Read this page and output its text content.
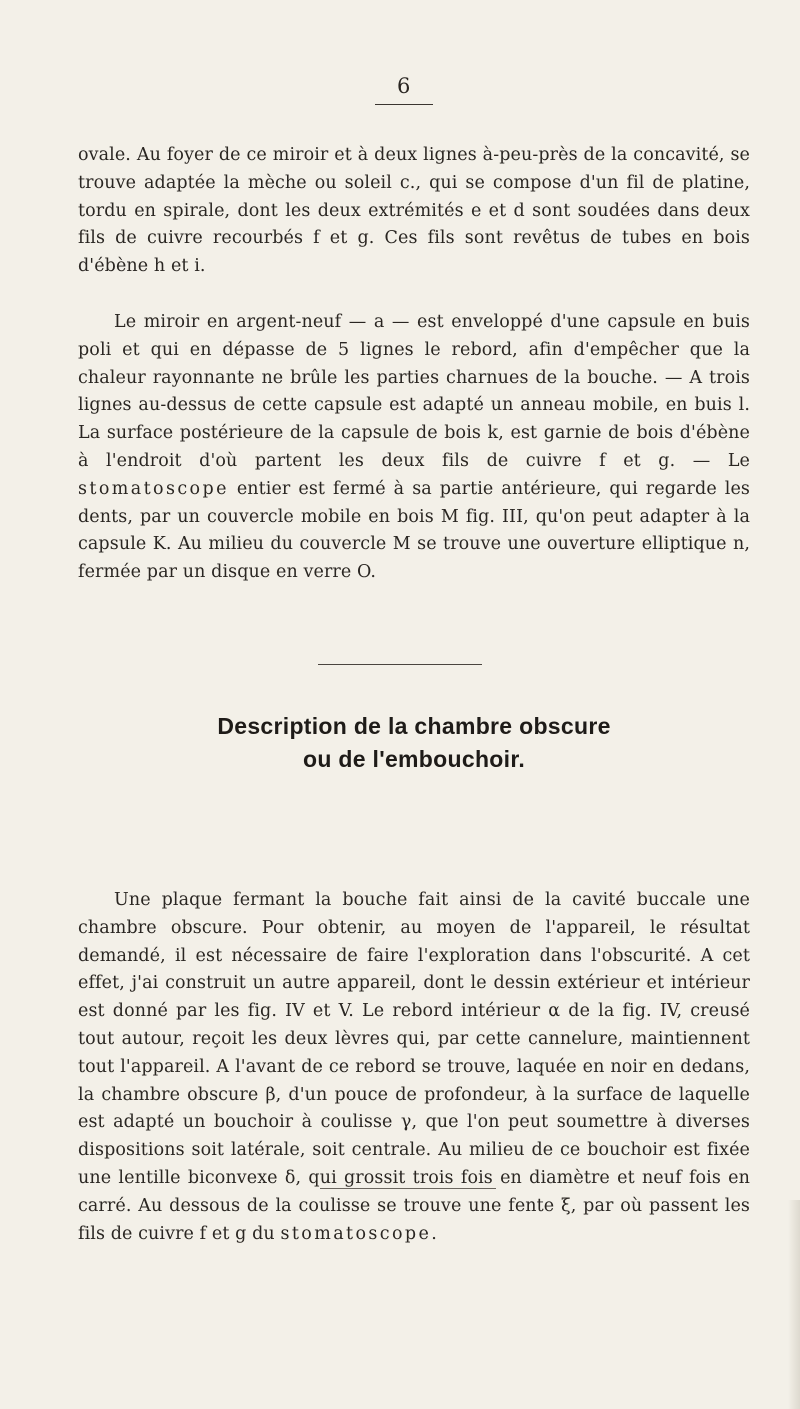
6

ovale. Au foyer de ce miroir et à deux lignes à-peu-près de la concavité, se trouve adaptée la mèche ou soleil c., qui se compose d'un fil de platine, tordu en spirale, dont les deux extrémités e et d sont soudées dans deux fils de cuivre recourbés f et g. Ces fils sont revêtus de tubes en bois d'ébène h et i.

Le miroir en argent-neuf — a — est enveloppé d'une capsule en buis poli et qui en dépasse de 5 lignes le rebord, afin d'empêcher que la chaleur rayonnante ne brûle les parties charnues de la bouche. — A trois lignes au-dessus de cette capsule est adapté un anneau mobile, en buis l. La surface postérieure de la capsule de bois k, est garnie de bois d'ébène à l'endroit d'où partent les deux fils de cuivre f et g. — Le stomatoscope entier est fermé à sa partie antérieure, qui regarde les dents, par un couvercle mobile en bois M fig. III, qu'on peut adapter à la capsule K. Au milieu du couvercle M se trouve une ouverture elliptique n, fermée par un disque en verre O.

Description de la chambre obscure
ou de l'embouchoir.

Une plaque fermant la bouche fait ainsi de la cavité buccale une chambre obscure. Pour obtenir, au moyen de l'appareil, le résultat demandé, il est nécessaire de faire l'exploration dans l'obscurité. A cet effet, j'ai construit un autre appareil, dont le dessin extérieur et intérieur est donné par les fig. IV et V. Le rebord intérieur α de la fig. IV, creusé tout autour, reçoit les deux lèvres qui, par cette cannelure, maintiennent tout l'appareil. A l'avant de ce rebord se trouve, laquée en noir en dedans, la chambre obscure β, d'un pouce de profondeur, à la surface de laquelle est adapté un bouchoir à coulisse γ, que l'on peut soumettre à diverses dispositions soit latérale, soit centrale. Au milieu de ce bouchoir est fixée une lentille biconvexe δ, qui grossit trois fois en diamètre et neuf fois en carré. Au dessous de la coulisse se trouve une fente ξ, par où passent les fils de cuivre f et g du stomatoscope.
